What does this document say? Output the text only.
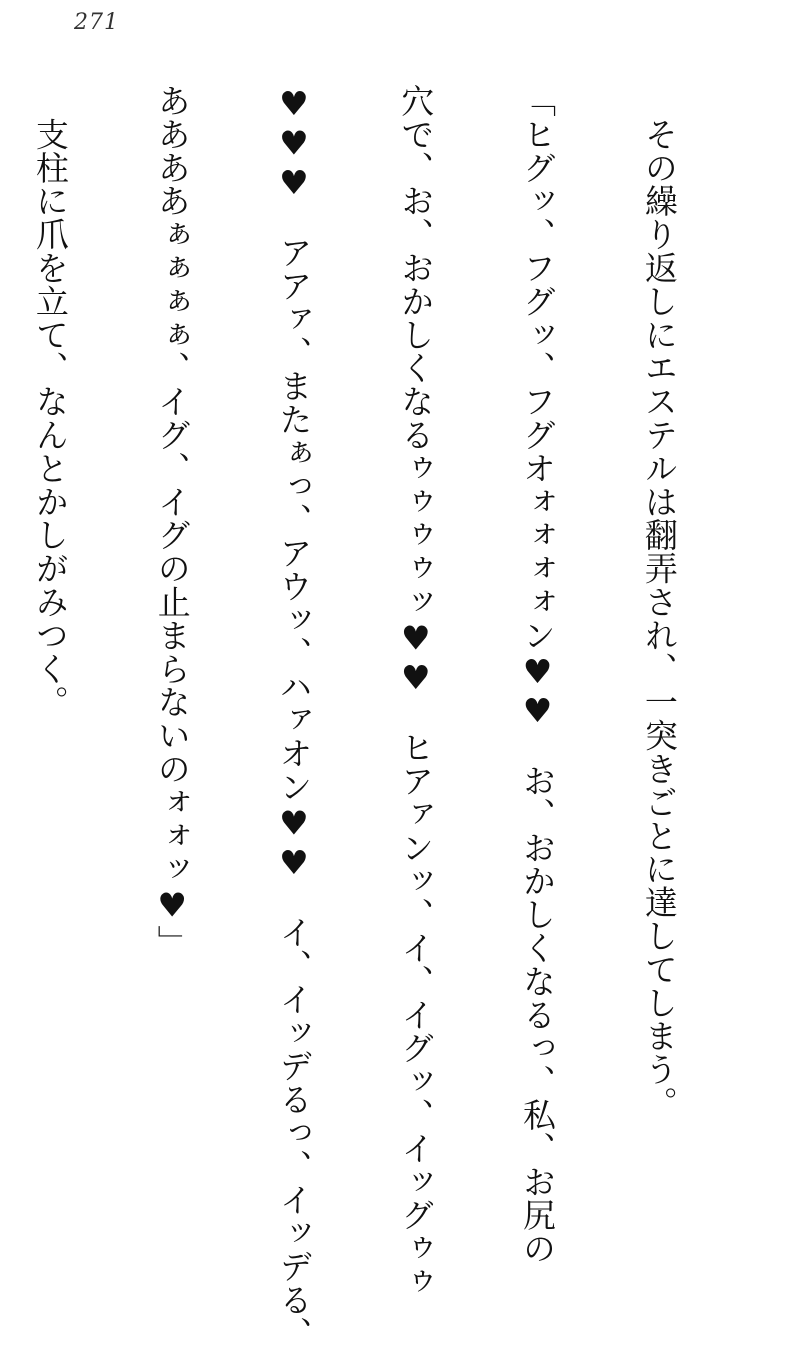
271

　その繰り返しにエステルは翻弄され、一突きごとに達してしまう。

「ヒグッ、フグッ、フグオォォォォン♥♥　お、おかしくなるっ、私、お尻の

穴で、お、おかしくなるゥゥゥゥッ♥♥　ヒアァンッ、イ、イグッ、イッグゥゥ

♥♥♥　アアァ、またぁっ、アウッ、ハァオン♥♥　イ、イッデるっ、イッデる、

ああああぁぁぁぁ、イグ、イグの止まらないのォォッ♥」

　支柱に爪を立て、なんとかしがみつく。
